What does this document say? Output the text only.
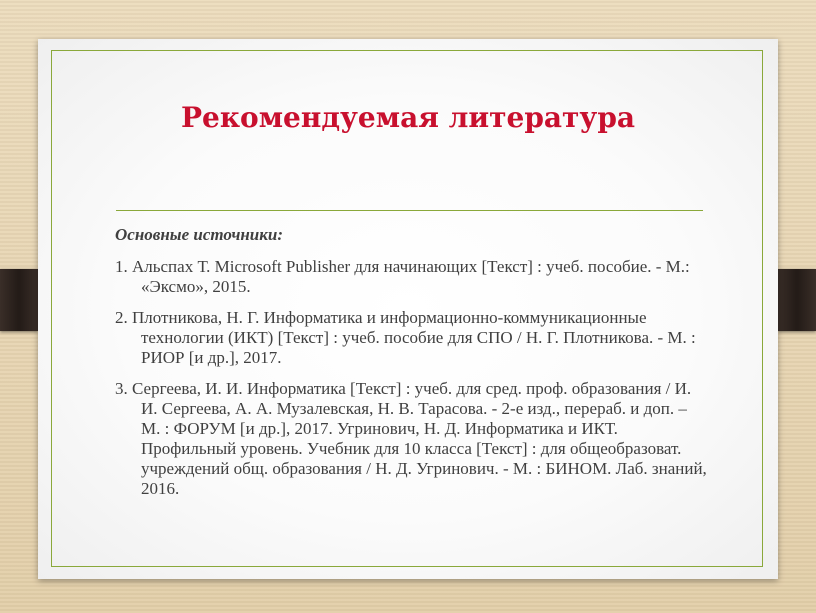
Рекомендуемая литература

Основные источники:

1. Альспах Т. Microsoft Publisher для начинающих [Текст] : учеб. пособие. - М.: «Эксмо», 2015.

2. Плотникова, Н. Г. Информатика и информационно-коммуникационные технологии (ИКТ) [Текст] : учеб. пособие для СПО / Н. Г. Плотникова. - М. : РИОР [и др.], 2017.

3. Сергеева, И. И. Информатика [Текст] : учеб. для сред. проф. образования / И. И. Сергеева, А. А. Музалевская, Н. В. Тарасова. - 2-е изд., перераб. и доп. – М. : ФОРУМ [и др.], 2017. Угринович, Н. Д. Информатика и ИКТ. Профильный уровень. Учебник для 10 класса [Текст] : для общеобразоват. учреждений общ. образования / Н. Д. Угринович. - М. : БИНОМ. Лаб. знаний, 2016.
